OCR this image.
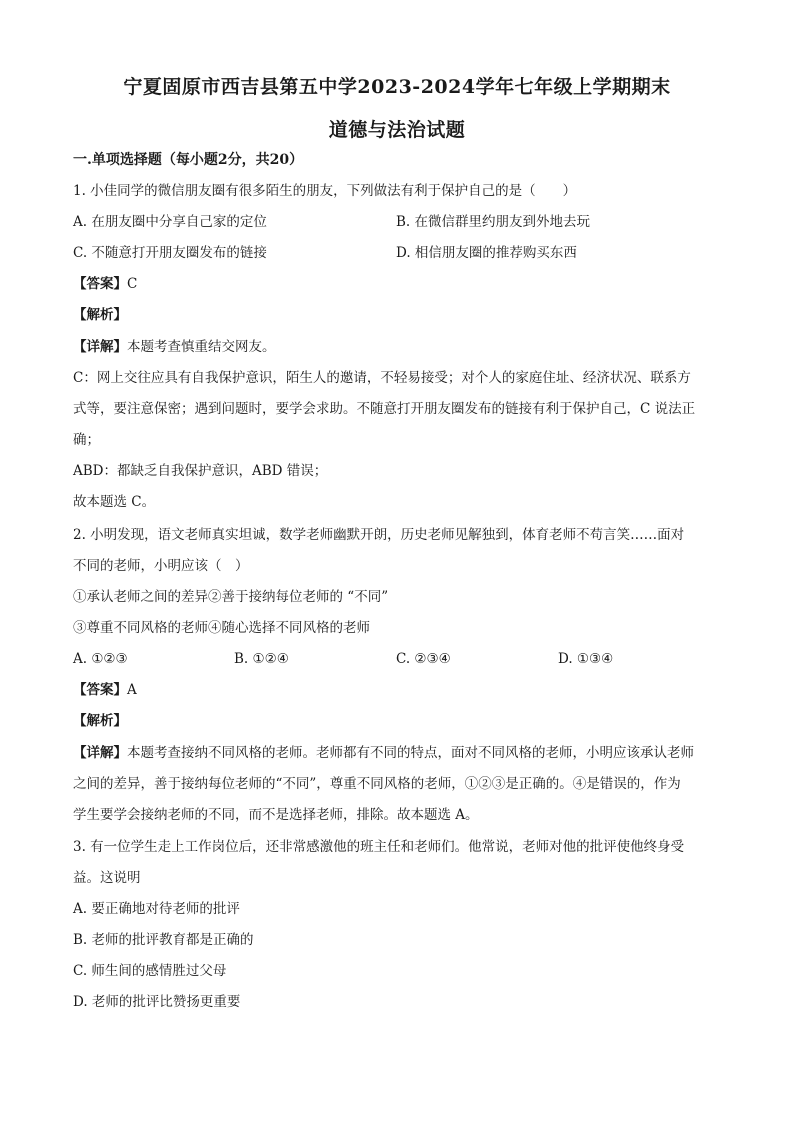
宁夏固原市西吉县第五中学2023-2024学年七年级上学期期末
道德与法治试题
一.单项选择题（每小题2分，共20）
1. 小佳同学的微信朋友圈有很多陌生的朋友，下列做法有利于保护自己的是（　　）
A. 在朋友圈中分享自己家的定位	B. 在微信群里约朋友到外地去玩
C. 不随意打开朋友圈发布的链接	D. 相信朋友圈的推荐购买东西
【答案】C
【解析】
【详解】本题考查慎重结交网友。
C：网上交往应具有自我保护意识，陌生人的邀请，不轻易接受；对个人的家庭住址、经济状况、联系方
式等，要注意保密；遇到问题时，要学会求助。不随意打开朋友圈发布的链接有利于保护自己，C 说法正
确；
ABD：都缺乏自我保护意识，ABD 错误；
故本题选 C。
2. 小明发现，语文老师真实坦诚，数学老师幽默开朗，历史老师见解独到，体育老师不苟言笑……面对
不同的老师，小明应该（　）
①承认老师之间的差异②善于接纳每位老师的 “不同”
③尊重不同风格的老师④随心选择不同风格的老师
A. ①②③	B. ①②④	C. ②③④	D. ①③④
【答案】A
【解析】
【详解】本题考查接纳不同风格的老师。老师都有不同的特点，面对不同风格的老师，小明应该承认老师
之间的差异，善于接纳每位老师的“不同”，尊重不同风格的老师，①②③是正确的。④是错误的，作为
学生要学会接纳老师的不同，而不是选择老师，排除。故本题选 A。
3. 有一位学生走上工作岗位后，还非常感激他的班主任和老师们。他常说，老师对他的批评使他终身受
益。这说明
A. 要正确地对待老师的批评
B. 老师的批评教育都是正确的
C. 师生间的感情胜过父母
D. 老师的批评比赞扬更重要
